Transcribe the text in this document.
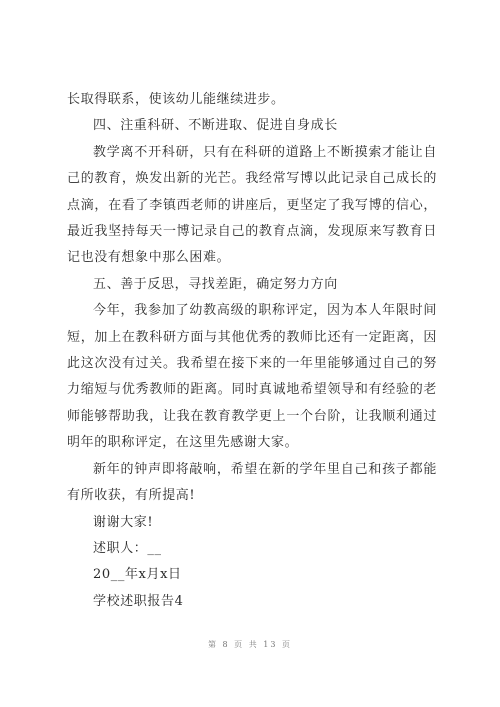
长取得联系，使该幼儿能继续进步。

四、注重科研、不断进取、促进自身成长

教学离不开科研，只有在科研的道路上不断摸索才能让自己的教育，焕发出新的光芒。我经常写博以此记录自己成长的点滴，在看了李镇西老师的讲座后，更坚定了我写博的信心，最近我坚持每天一博记录自己的教育点滴，发现原来写教育日记也没有想象中那么困难。

五、善于反思，寻找差距，确定努力方向

今年，我参加了幼教高级的职称评定，因为本人年限时间短，加上在教科研方面与其他优秀的教师比还有一定距离，因此这次没有过关。我希望在接下来的一年里能够通过自己的努力缩短与优秀教师的距离。同时真诚地希望领导和有经验的老师能够帮助我，让我在教育教学更上一个台阶，让我顺利通过明年的职称评定，在这里先感谢大家。

新年的钟声即将敲响，希望在新的学年里自己和孩子都能有所收获，有所提高!

谢谢大家!

述职人：__

20__年x月x日

学校述职报告4

第 8 页 共 13 页
